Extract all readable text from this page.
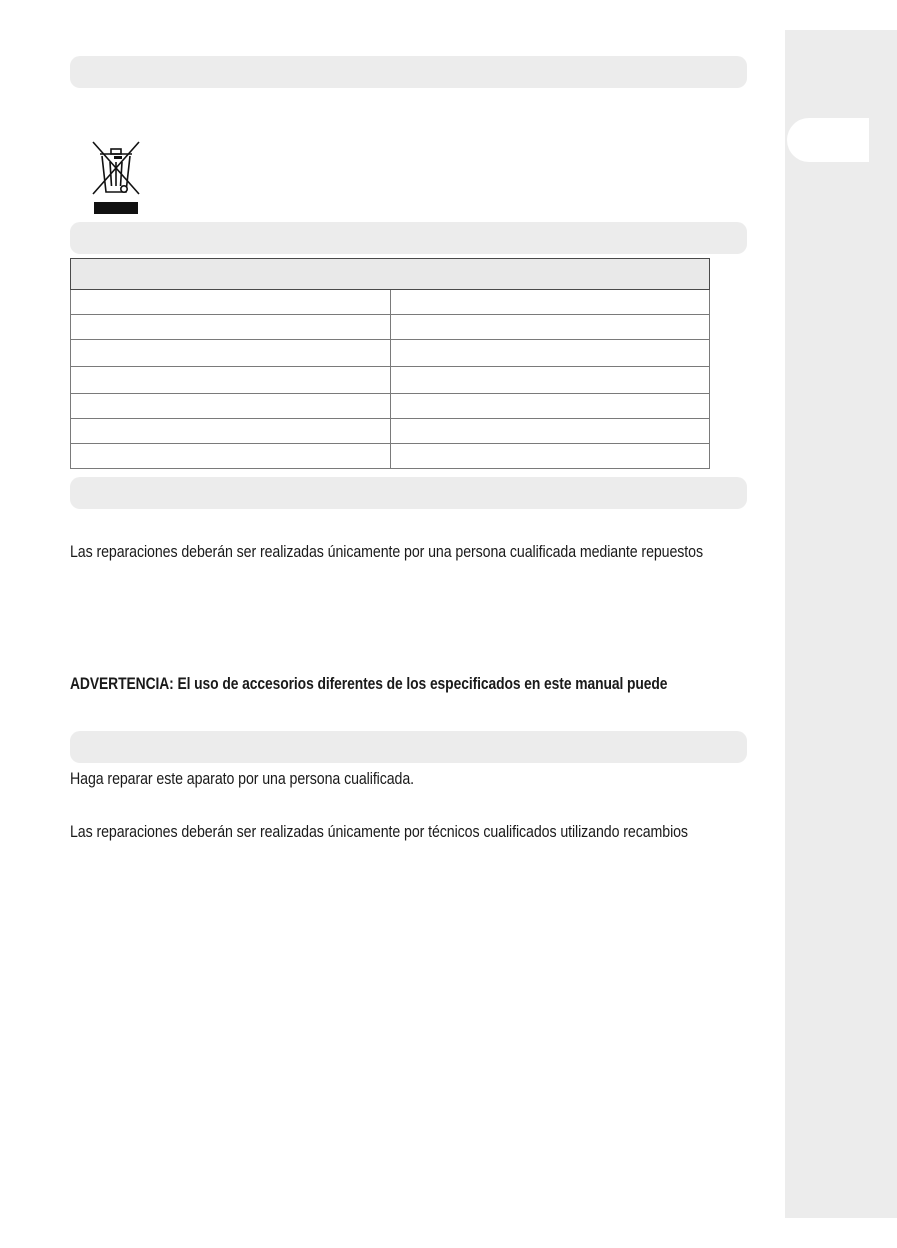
Las reparaciones deberán ser realizadas únicamente por una persona cualificada mediante repuestos
ADVERTENCIA: El uso de accesorios diferentes de los especificados en este manual puede
Haga reparar este aparato por una persona cualificada.
Las reparaciones deberán ser realizadas únicamente por técnicos cualificados utilizando recambios
